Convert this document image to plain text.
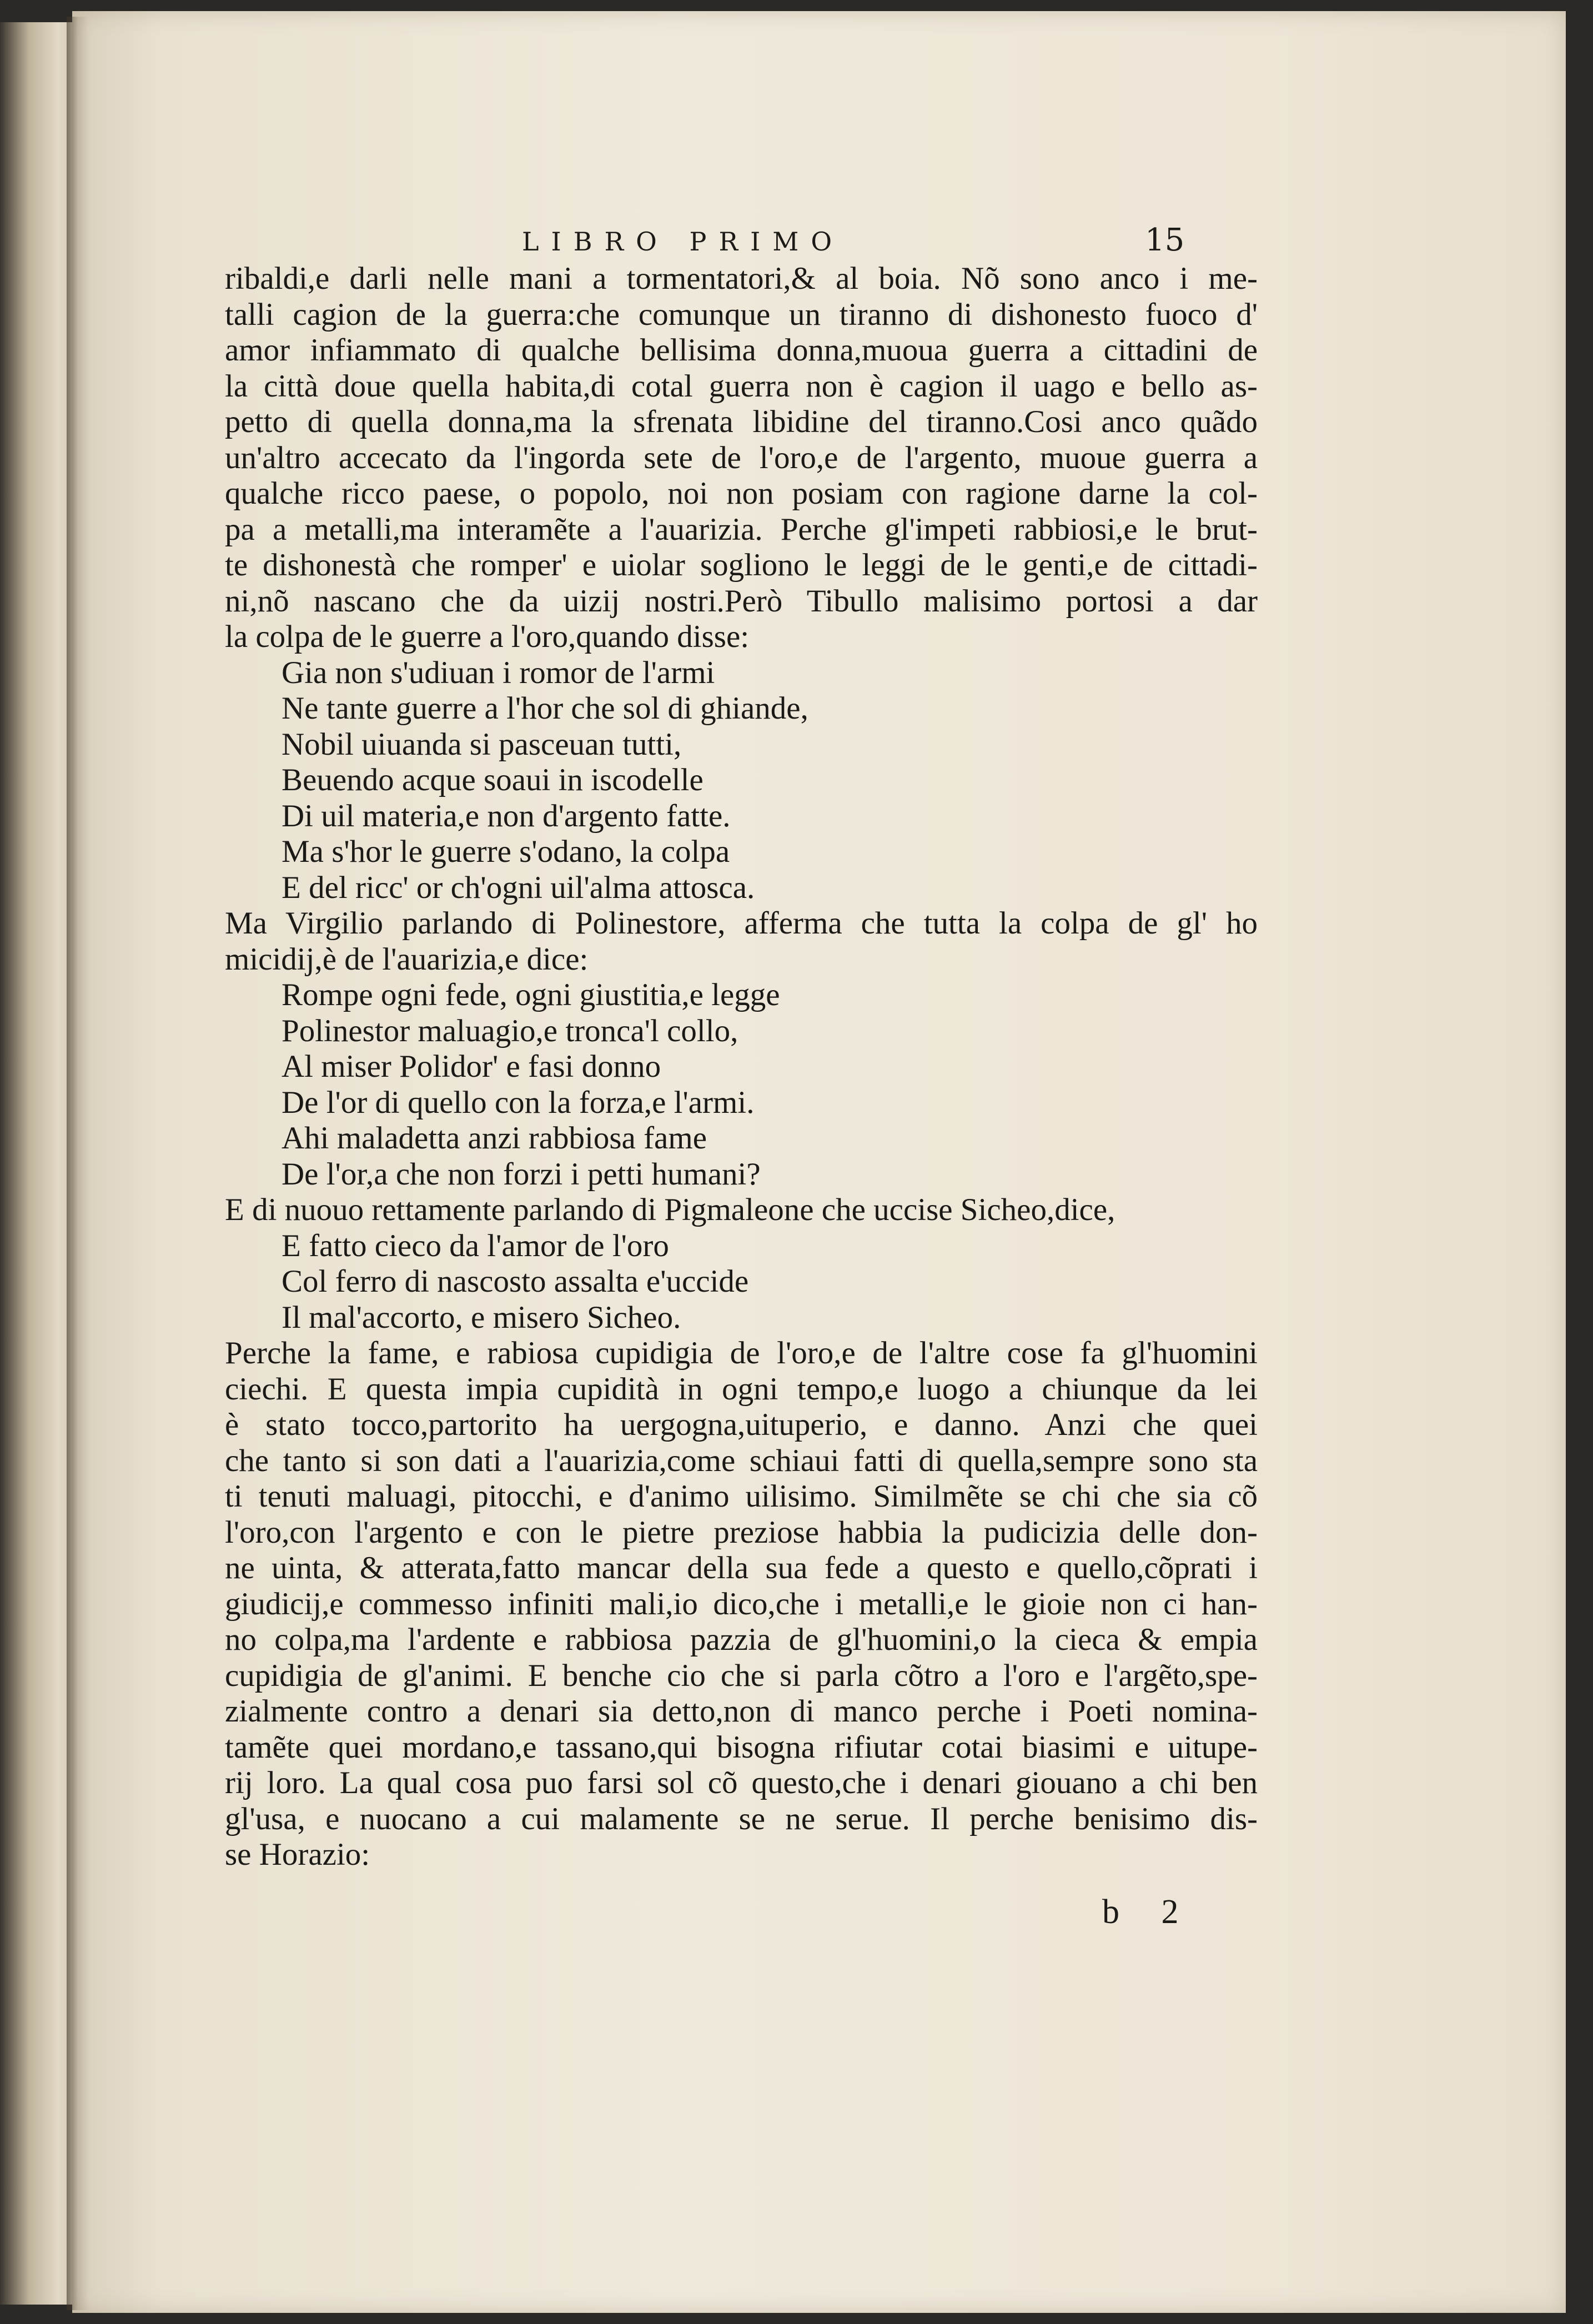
LIBRO PRIMO	15
ribaldi,e darli nelle mani a tormentatori,& al boia. Nõ sono anco i me-
talli cagion de la guerra:che comunque un tiranno di dishonesto fuoco d'
amor infiammato di qualche bellisima donna,muoua guerra a cittadini de
la città doue quella habita,di cotal guerra non è cagion il uago e bello as-
petto di quella donna,ma la sfrenata libidine del tiranno.Cosi anco quãdo
un'altro accecato da l'ingorda sete de l'oro,e de l'argento, muoue guerra a
qualche ricco paese, o popolo, noi non posiam con ragione darne la col-
pa a metalli,ma interamẽte a l'auarizia. Perche gl'impeti rabbiosi,e le brut-
te dishonestà che romper' e uiolar sogliono le leggi de le genti,e de cittadi-
ni,nõ nascano che da uizij nostri.Però Tibullo malisimo portosi a dar
la colpa de le guerre a l'oro,quando disse:
Gia non s'udiuan i romor de l'armi
Ne tante guerre a l'hor che sol di ghiande,
Nobil uiuanda si pasceuan tutti,
Beuendo acque soaui in iscodelle
Di uil materia,e non d'argento fatte.
Ma s'hor le guerre s'odano, la colpa
E del ricc' or ch'ogni uil'alma attosca.
Ma Virgilio parlando di Polinestore, afferma che tutta la colpa de gl' ho
micidij,è de l'auarizia,e dice:
Rompe ogni fede, ogni giustitia,e legge
Polinestor maluagio,e tronca'l collo,
Al miser Polidor' e fasi donno
De l'or di quello con la forza,e l'armi.
Ahi maladetta anzi rabbiosa fame
De l'or,a che non forzi i petti humani?
E di nuouo rettamente parlando di Pigmaleone che uccise Sicheo,dice,
E fatto cieco da l'amor de l'oro
Col ferro di nascosto assalta e'uccide
Il mal'accorto, e misero Sicheo.
Perche la fame, e rabiosa cupidigia de l'oro,e de l'altre cose fa gl'huomini
ciechi. E questa impia cupidità in ogni tempo,e luogo a chiunque da lei
è stato tocco,partorito ha uergogna,uituperio, e danno. Anzi che quei
che tanto si son dati a l'auarizia,come schiaui fatti di quella,sempre sono sta
ti tenuti maluagi, pitocchi, e d'animo uilisimo. Similmẽte se chi che sia cõ
l'oro,con l'argento e con le pietre preziose habbia la pudicizia delle don-
ne uinta, & atterata,fatto mancar della sua fede a questo e quello,cõprati i
giudicij,e commesso infiniti mali,io dico,che i metalli,e le gioie non ci han-
no colpa,ma l'ardente e rabbiosa pazzia de gl'huomini,o la cieca & empia
cupidigia de gl'animi. E benche cio che si parla cõtro a l'oro e l'argẽto,spe-
zialmente contro a denari sia detto,non di manco perche i Poeti nomina-
tamẽte quei mordano,e tassano,qui bisogna rifiutar cotai biasimi e uitupe-
rij loro. La qual cosa puo farsi sol cõ questo,che i denari giouano a chi ben
gl'usa, e nuocano a cui malamente se ne serue. Il perche benisimo dis-
se Horazio:
b 2
